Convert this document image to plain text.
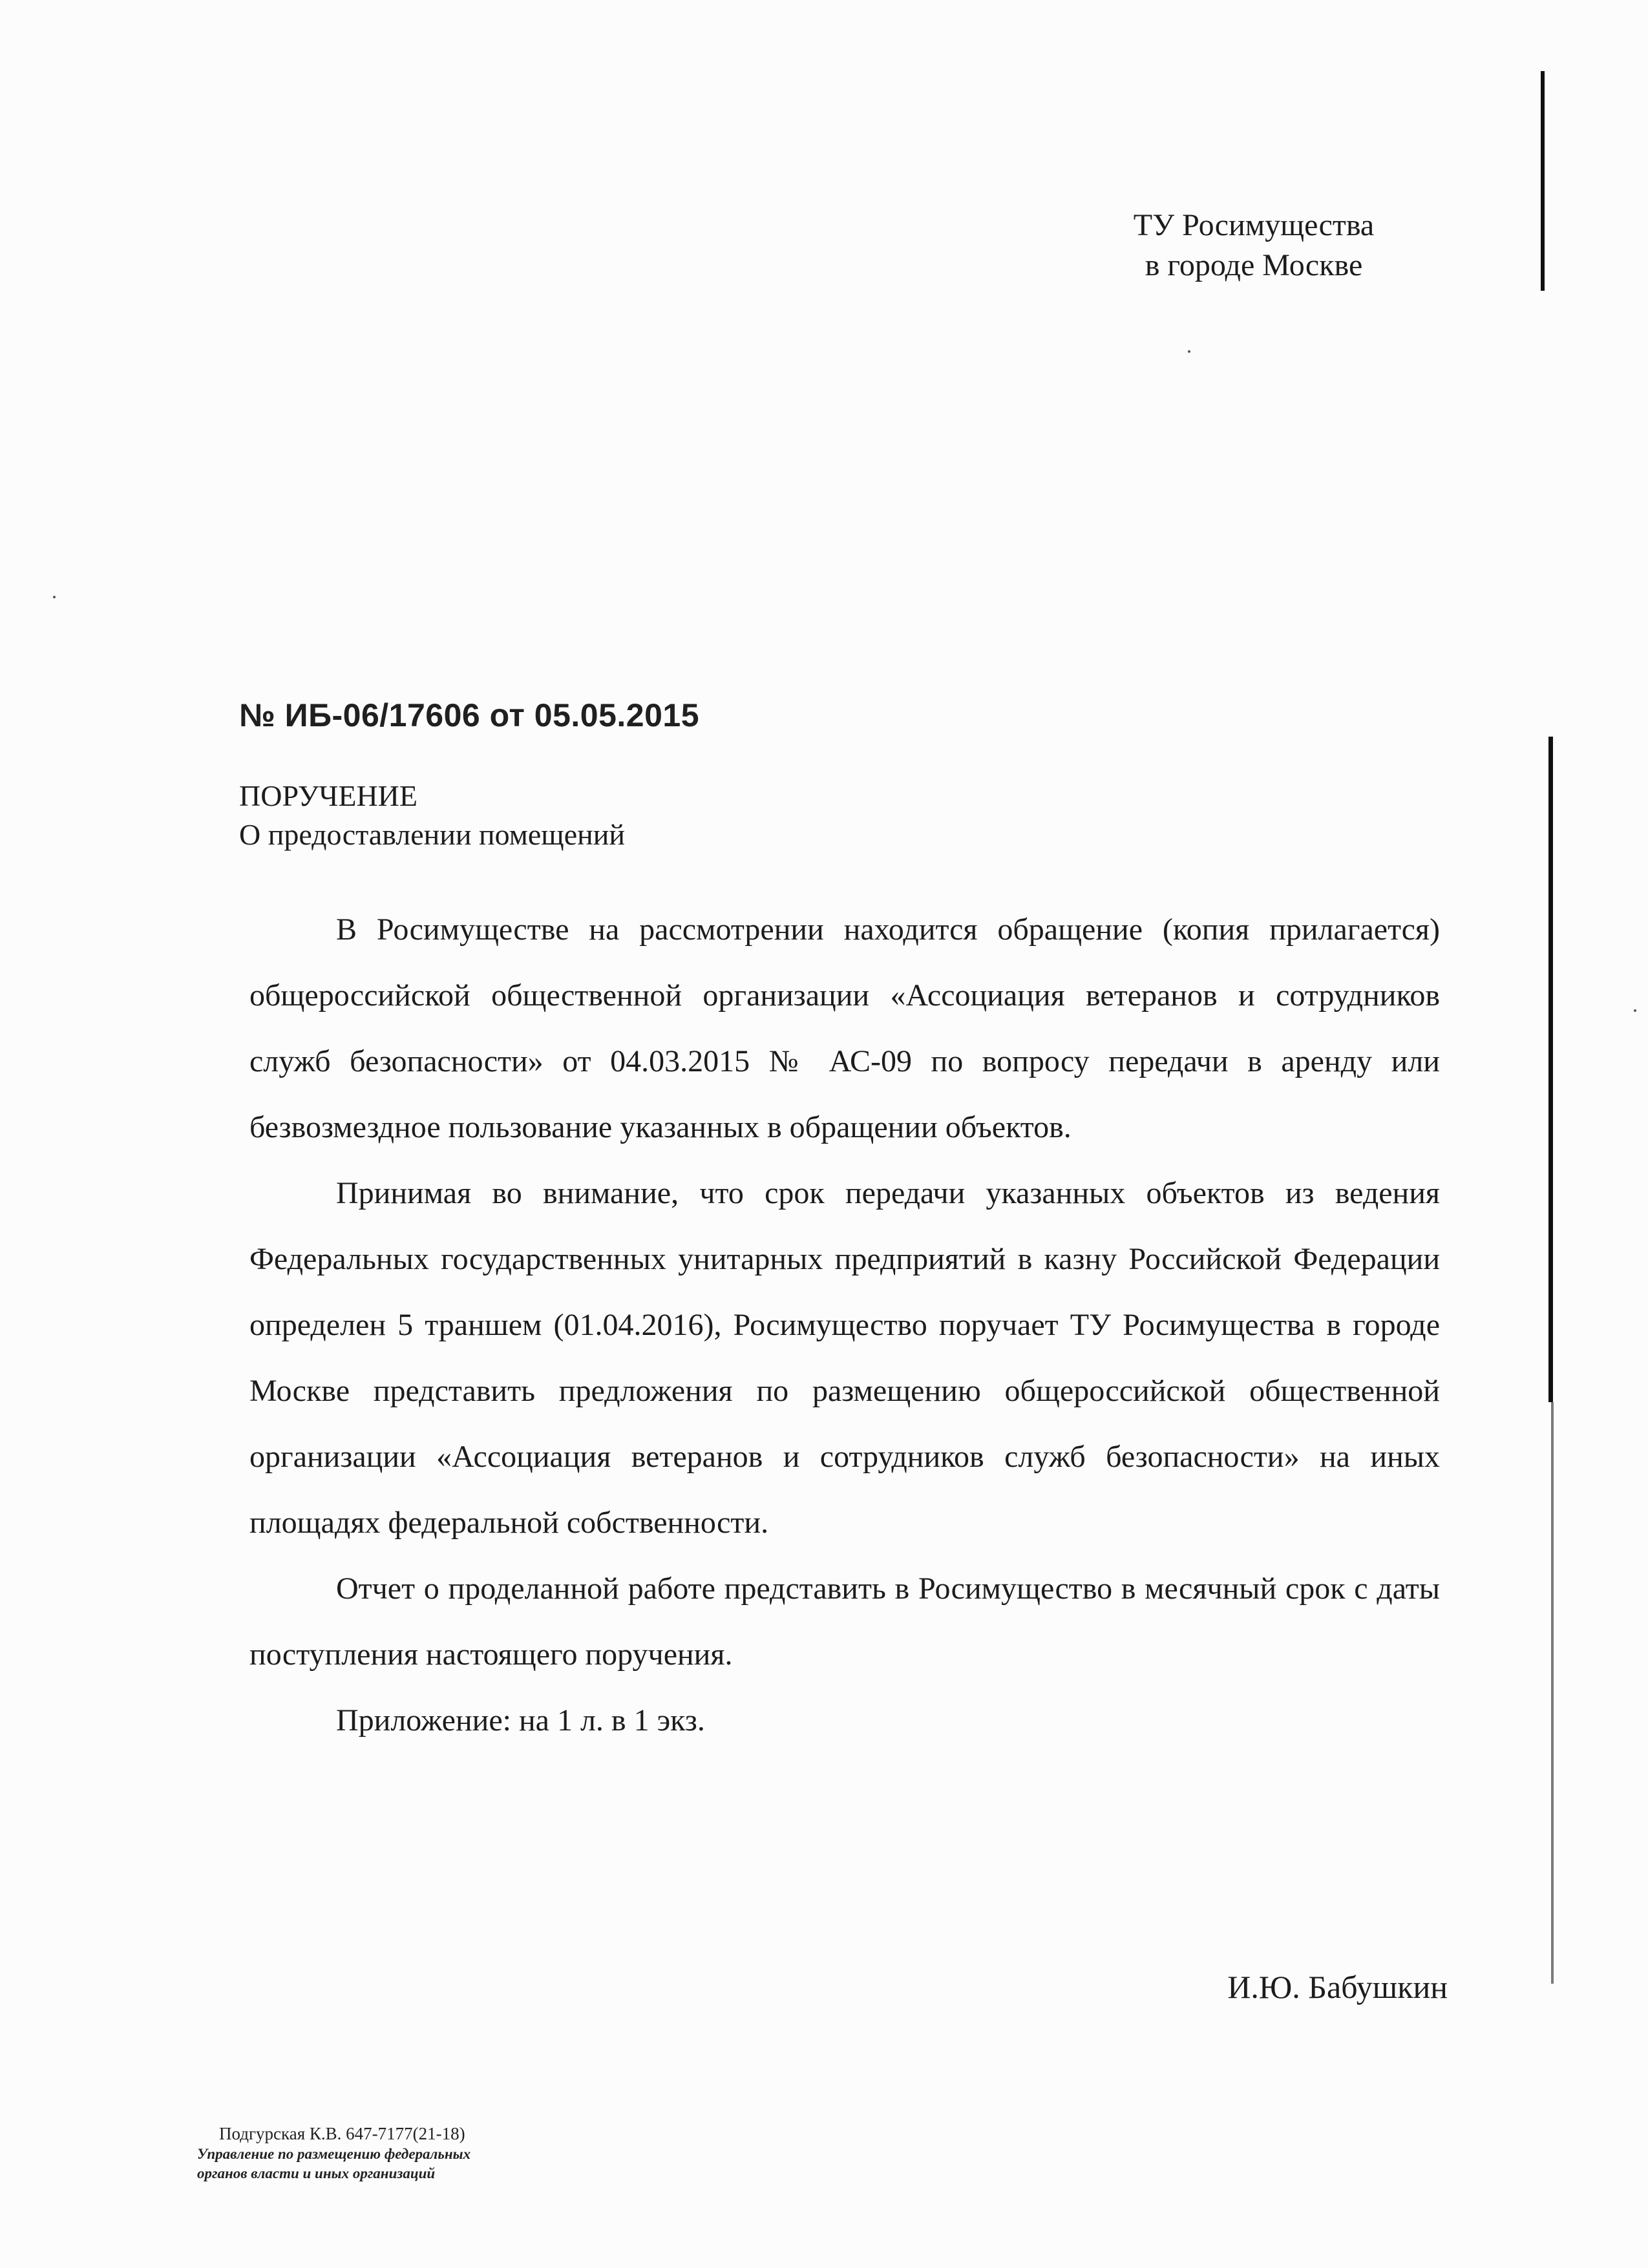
ТУ Росимущества
в городе Москве
№ ИБ-06/17606 от 05.05.2015
ПОРУЧЕНИЕ
О предоставлении помещений

В Росимуществе на рассмотрении находится обращение (копия прилагается) общероссийской общественной организации «Ассоциация ветеранов и сотрудников служб безопасности» от 04.03.2015 № АС-09 по вопросу передачи в аренду или безвозмездное пользование указанных в обращении объектов.

Принимая во внимание, что срок передачи указанных объектов из ведения Федеральных государственных унитарных предприятий в казну Российской Федерации определен 5 траншем (01.04.2016), Росимущество поручает ТУ Росимущества в городе Москве представить предложения по размещению общероссийской общественной организации «Ассоциация ветеранов и сотрудников служб безопасности» на иных площадях федеральной собственности.

Отчет о проделанной работе представить в Росимущество в месячный срок с даты поступления настоящего поручения.

Приложение: на 1 л. в 1 экз.

И.Ю. Бабушкин
Подгурская К.В. 647-7177(21-18)
Управление по размещению федеральных
органов власти и иных организаций
